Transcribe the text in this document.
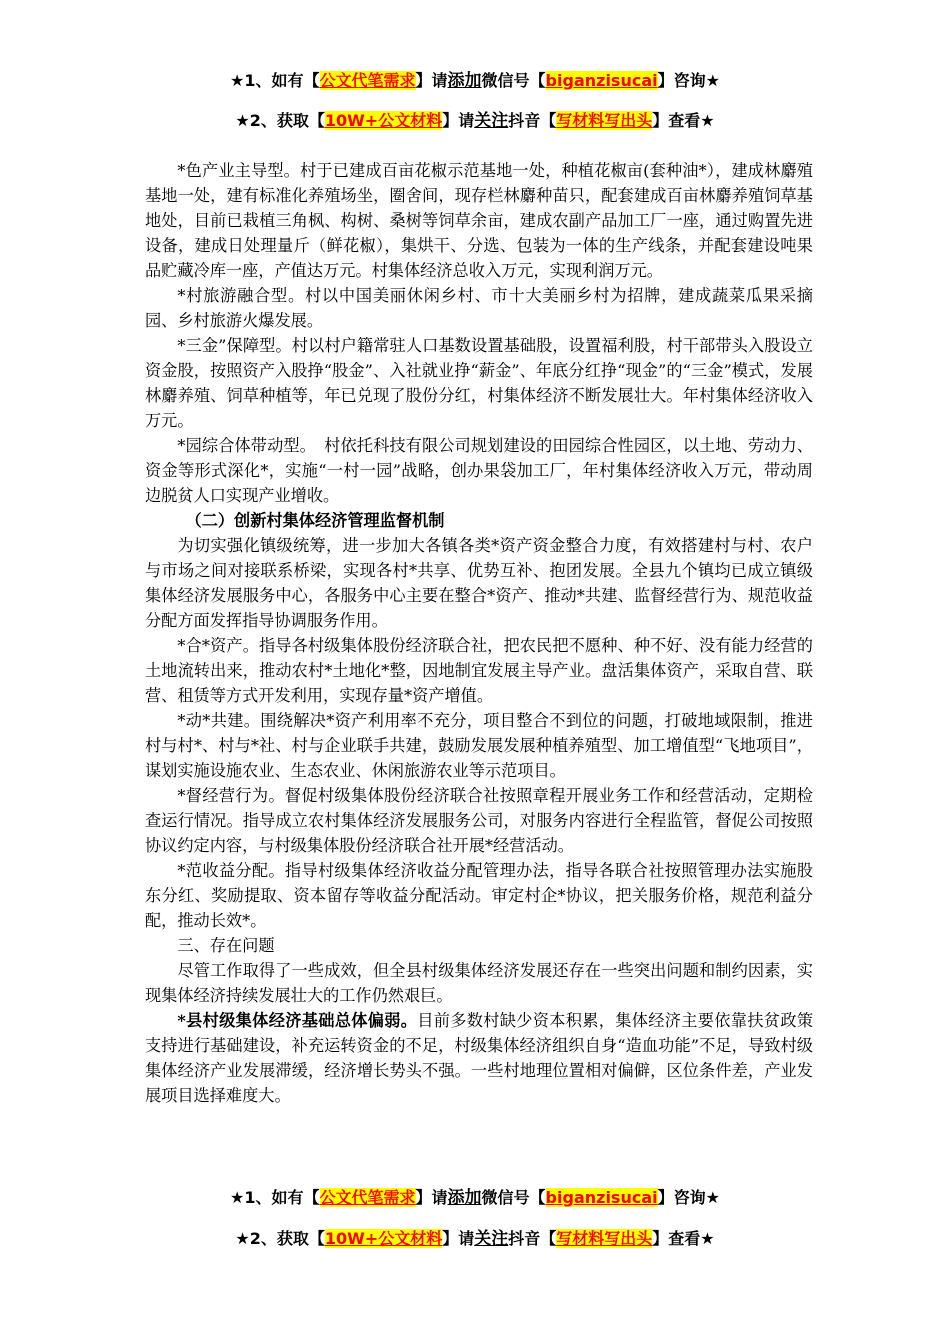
★1、如有【公文代笔需求】请添加微信号【biganzisucai】咨询★
★2、获取【10W+公文材料】请关注抖音【写材料写出头】查看★

*色产业主导型。村于已建成百亩花椒示范基地一处，种植花椒亩(套种油*），建成林麝殖基地一处，建有标准化养殖场坐，圈舍间，现存栏林麝种苗只，配套建成百亩林麝养殖饲草基地处，目前已栽植三角枫、构树、桑树等饲草余亩，建成农副产品加工厂一座，通过购置先进设备，建成日处理量斤（鲜花椒），集烘干、分选、包装为一体的生产线条，并配套建设吨果品贮藏冷库一座，产值达万元。村集体经济总收入万元，实现利润万元。

*村旅游融合型。村以中国美丽休闲乡村、市十大美丽乡村为招牌，建成蔬菜瓜果采摘园、乡村旅游火爆发展。

*三金”保障型。村以村户籍常驻人口基数设置基础股，设置福利股，村干部带头入股设立资金股，按照资产入股挣“股金”、入社就业挣“薪金”、年底分红挣“现金”的“三金”模式，发展林麝养殖、饲草种植等，年已兑现了股份分红，村集体经济不断发展壮大。年村集体经济收入万元。

*园综合体带动型。　村依托科技有限公司规划建设的田园综合性园区，以土地、劳动力、资金等形式深化*，实施“一村一园”战略，创办果袋加工厂，年村集体经济收入万元，带动周边脱贫人口实现产业增收。

（二）创新村集体经济管理监督机制

为切实强化镇级统筹，进一步加大各镇各类*资产资金整合力度，有效搭建村与村、农户与市场之间对接联系桥梁，实现各村*共享、优势互补、抱团发展。全县九个镇均已成立镇级集体经济发展服务中心，各服务中心主要在整合*资产、推动*共建、监督经营行为、规范收益分配方面发挥指导协调服务作用。

*合*资产。指导各村级集体股份经济联合社，把农民把不愿种、种不好、没有能力经营的土地流转出来，推动农村*土地化*整，因地制宜发展主导产业。盘活集体资产，采取自营、联营、租赁等方式开发利用，实现存量*资产增值。

*动*共建。围绕解决*资产利用率不充分，项目整合不到位的问题，打破地域限制，推进村与村*、村与*社、村与企业联手共建，鼓励发展发展种植养殖型、加工增值型“飞地项目”，谋划实施设施农业、生态农业、休闲旅游农业等示范项目。

*督经营行为。督促村级集体股份经济联合社按照章程开展业务工作和经营活动，定期检查运行情况。指导成立农村集体经济发展服务公司，对服务内容进行全程监管，督促公司按照协议约定内容，与村级集体股份经济联合社开展*经营活动。

*范收益分配。指导村级集体经济收益分配管理办法，指导各联合社按照管理办法实施股东分红、奖励提取、资本留存等收益分配活动。审定村企*协议，把关服务价格，规范利益分配，推动长效*。

三、存在问题

尽管工作取得了一些成效，但全县村级集体经济发展还存在一些突出问题和制约因素，实现集体经济持续发展壮大的工作仍然艰巨。

*县村级集体经济基础总体偏弱。目前多数村缺少资本积累，集体经济主要依靠扶贫政策支持进行基础建设，补充运转资金的不足，村级集体经济组织自身“造血功能”不足，导致村级集体经济产业发展滞缓，经济增长势头不强。一些村地理位置相对偏僻，区位条件差，产业发展项目选择难度大。

★1、如有【公文代笔需求】请添加微信号【biganzisucai】咨询★
★2、获取【10W+公文材料】请关注抖音【写材料写出头】查看★
